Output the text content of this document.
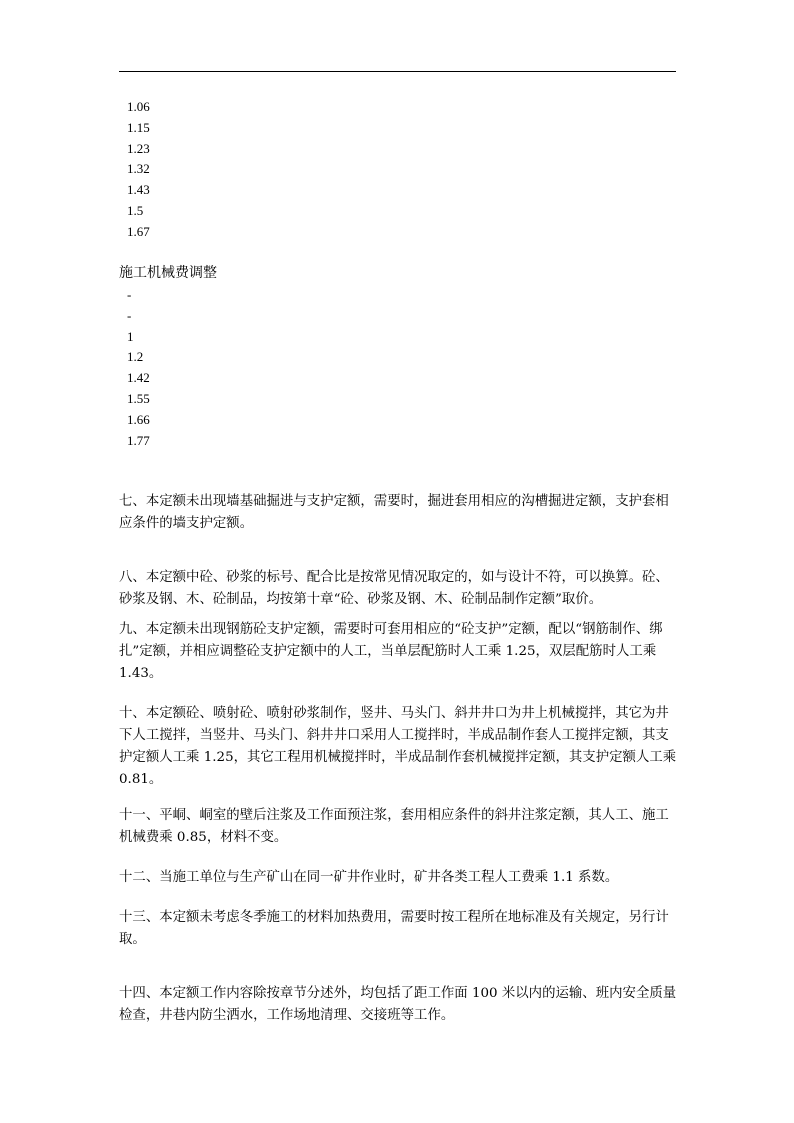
1.06
1.15
1.23
1.32
1.43
1.5
1.67
施工机械费调整
-
-
1
1.2
1.42
1.55
1.66
1.77

七、本定额未出现墙基础掘进与支护定额，需要时，掘进套用相应的沟槽掘进定额，支护套相应条件的墙支护定额。

八、本定额中砼、砂浆的标号、配合比是按常见情况取定的，如与设计不符，可以换算。砼、砂浆及钢、木、砼制品，均按第十章“砼、砂浆及钢、木、砼制品制作定额”取价。

九、本定额未出现钢筋砼支护定额，需要时可套用相应的“砼支护”定额，配以“钢筋制作、绑扎”定额，并相应调整砼支护定额中的人工，当单层配筋时人工乘 1.25，双层配筋时人工乘 1.43。

十、本定额砼、喷射砼、喷射砂浆制作，竖井、马头门、斜井井口为井上机械搅拌，其它为井下人工搅拌，当竖井、马头门、斜井井口采用人工搅拌时，半成品制作套人工搅拌定额，其支护定额人工乘 1.25，其它工程用机械搅拌时，半成品制作套机械搅拌定额，其支护定额人工乘 0.81。

十一、平峒、峒室的壁后注浆及工作面预注浆，套用相应条件的斜井注浆定额，其人工、施工机械费乘 0.85，材料不变。

十二、当施工单位与生产矿山在同一矿井作业时，矿井各类工程人工费乘 1.1 系数。

十三、本定额未考虑冬季施工的材料加热费用，需要时按工程所在地标准及有关规定，另行计取。

十四、本定额工作内容除按章节分述外，均包括了距工作面 100 米以内的运输、班内安全质量检查，井巷内防尘洒水，工作场地清理、交接班等工作。
